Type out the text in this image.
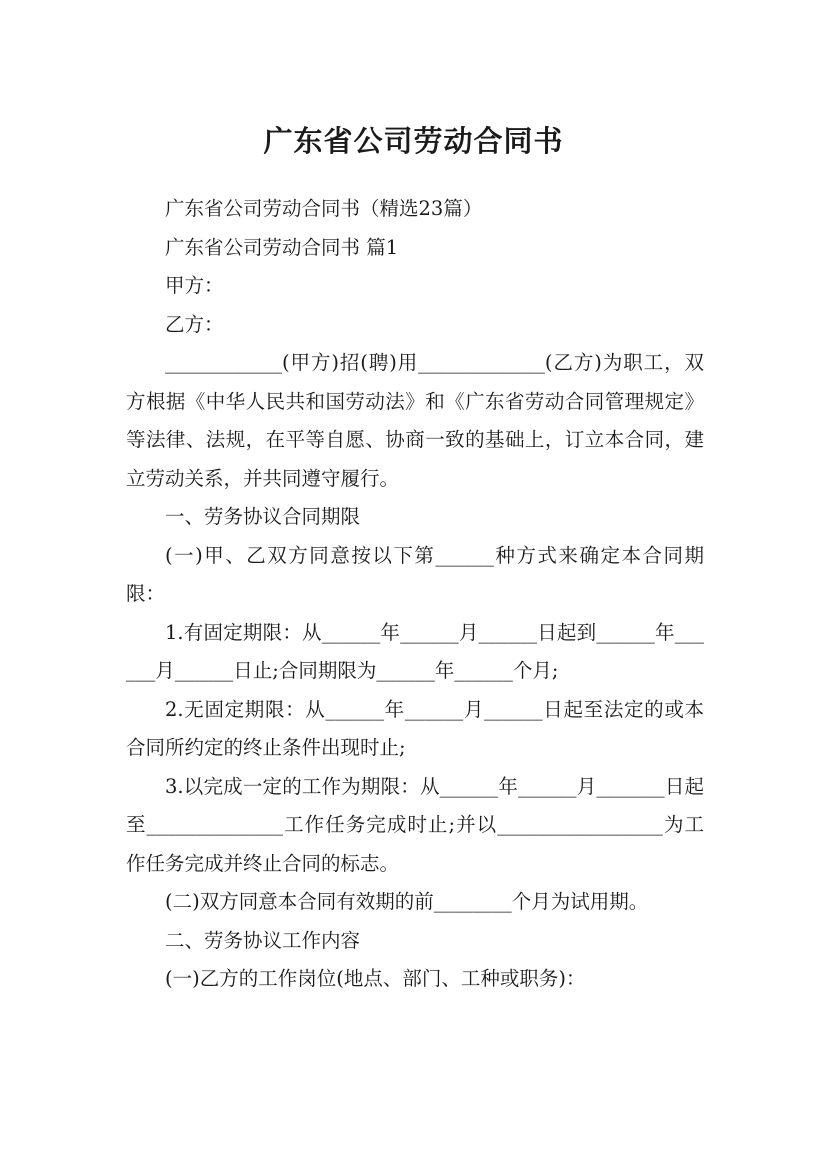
广东省公司劳动合同书

广东省公司劳动合同书（精选23篇）

广东省公司劳动合同书 篇1

甲方：

乙方：

____________(甲方)招(聘)用_____________(乙方)为职工，双方根据《中华人民共和国劳动法》和《广东省劳动合同管理规定》等法律、法规，在平等自愿、协商一致的基础上，订立本合同，建立劳动关系，并共同遵守履行。

一、劳务协议合同期限

(一)甲、乙双方同意按以下第______种方式来确定本合同期限：

1.有固定期限：从______年______月______日起到______年______月______日止;合同期限为______年______个月;

2.无固定期限：从______年______月______日起至法定的或本合同所约定的终止条件出现时止;

3.以完成一定的工作为期限：从______年______月_______日起至______________工作任务完成时止;并以_________________为工作任务完成并终止合同的标志。

(二)双方同意本合同有效期的前________个月为试用期。

二、劳务协议工作内容

(一)乙方的工作岗位(地点、部门、工种或职务)：
